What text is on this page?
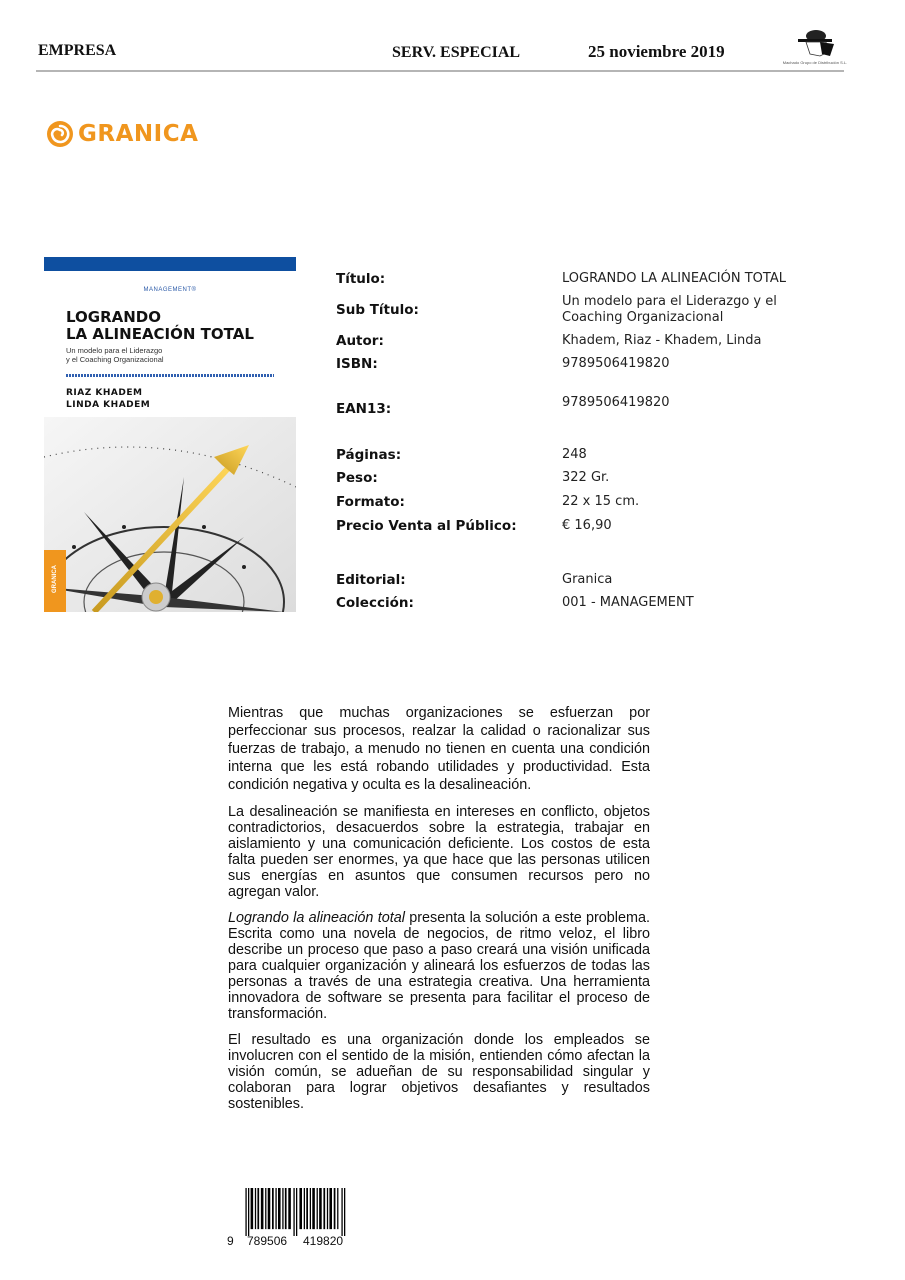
EMPRESA	SERV. ESPECIAL	25 noviembre 2019
Machado Grupo de Distribución S.L.
GRANICA
MANAGEMENT®
LOGRANDO
LA ALINEACIÓN TOTAL
Un modelo para el Liderazgo
y el Coaching Organizacional
RIAZ KHADEM
LINDA KHADEM
GRANICA
Título:	LOGRANDO LA ALINEACIÓN TOTAL
Sub Título:
Un modelo para el Liderazgo y el Coaching Organizacional
Autor:	Khadem, Riaz - Khadem, Linda
ISBN:	9789506419820
EAN13:	9789506419820
Páginas:	248
Peso:	322 Gr.
Formato:	22 x 15 cm.
Precio Venta al Público:	€ 16,90
Editorial:	Granica
Colección:	001 - MANAGEMENT

Mientras que muchas organizaciones se esfuerzan por perfeccionar sus procesos, realzar la calidad o racionalizar sus fuerzas de trabajo, a menudo no tienen en cuenta una condición interna que les está robando utilidades y productividad. Esta condición negativa y oculta es la desalineación.

La desalineación se manifiesta en intereses en conflicto, objetos contradictorios, desacuerdos sobre la estrategia, trabajar en aislamiento y una comunicación deficiente. Los costos de esta falta pueden ser enormes, ya que hace que las personas utilicen sus energías en asuntos que consumen recursos pero no agregan valor.

Lograndо la alineación total presenta la solución a este problema. Escrita como una novela de negocios, de ritmo veloz, el libro describe un proceso que paso a paso creará una visión unificada para cualquier organización y alineará los esfuerzos de todas las personas a través de una estrategia creativa. Una herramienta innovadora de software se presenta para facilitar el proceso de transformación.

El resultado es una organización donde los empleados se involucren con el sentido de la misión, entienden cómo afectan la visión común, se adueñan de su responsabilidad singular y colaboran para lograr objetivos desafiantes y resultados sostenibles.

9 789506 419820
